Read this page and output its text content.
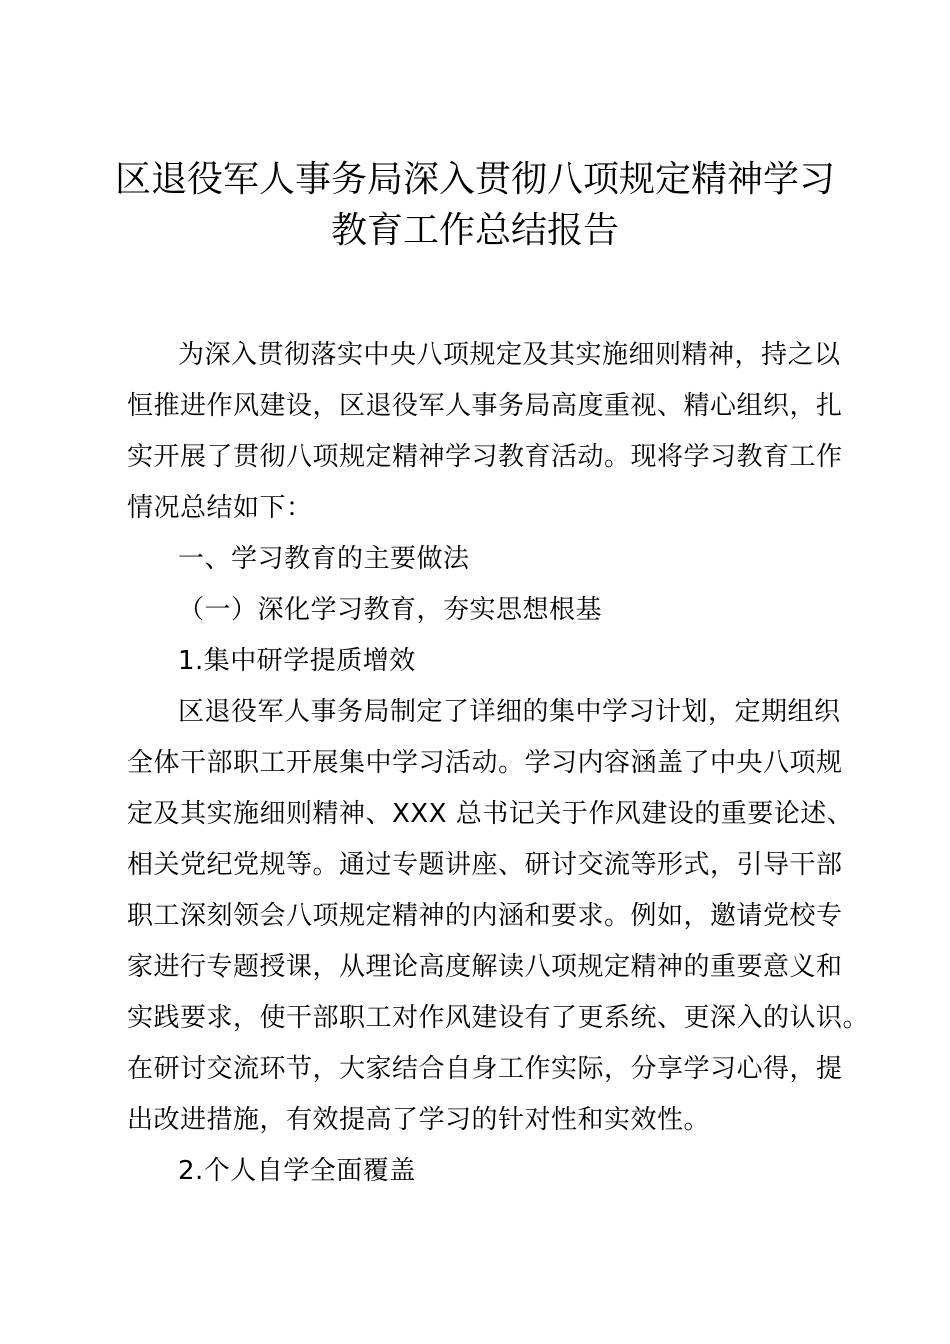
区退役军人事务局深入贯彻八项规定精神学习
教育工作总结报告
为深入贯彻落实中央八项规定及其实施细则精神，持之以
恒推进作风建设，区退役军人事务局高度重视、精心组织，扎
实开展了贯彻八项规定精神学习教育活动。现将学习教育工作
情况总结如下：
一、学习教育的主要做法
（一）深化学习教育，夯实思想根基
1.集中研学提质增效
区退役军人事务局制定了详细的集中学习计划，定期组织
全体干部职工开展集中学习活动。学习内容涵盖了中央八项规
定及其实施细则精神、XXX 总书记关于作风建设的重要论述、
相关党纪党规等。通过专题讲座、研讨交流等形式，引导干部
职工深刻领会八项规定精神的内涵和要求。例如，邀请党校专
家进行专题授课，从理论高度解读八项规定精神的重要意义和
实践要求，使干部职工对作风建设有了更系统、更深入的认识。
在研讨交流环节，大家结合自身工作实际，分享学习心得，提
出改进措施，有效提高了学习的针对性和实效性。
2.个人自学全面覆盖
